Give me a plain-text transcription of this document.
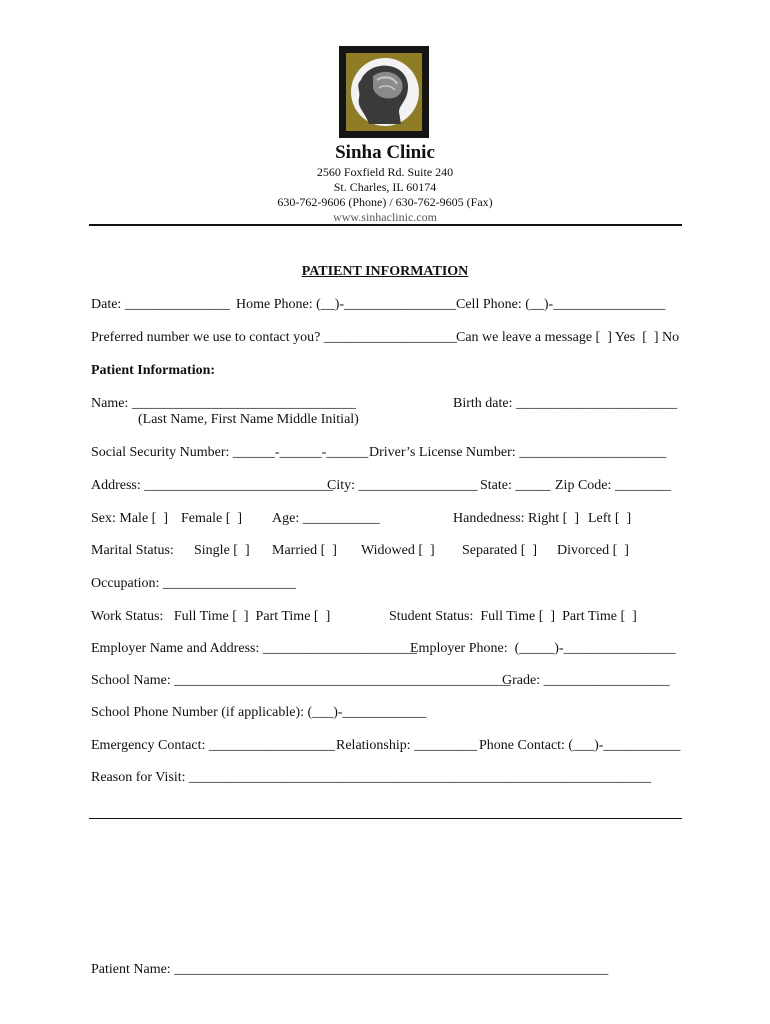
Sinha Clinic
2560 Foxfield Rd. Suite 240
St. Charles, IL 60174
630-762-9606 (Phone) / 630-762-9605 (Fax)
www.sinhaclinic.com
PATIENT INFORMATION
Date: _______________ Home Phone: (__)-________________ Cell Phone: (__)-________________
Preferred number we use to contact you? ___________________ Can we leave a message [  ] Yes  [  ] No
Patient Information:
Name: ________________________________
(Last Name, First Name Middle Initial)
Birth date: _______________________
Social Security Number: ______-______-______ Driver’s License Number: _____________________
Address: ___________________________
City: _________________ State: _____ Zip Code: ________
Sex: Male [  ] Female [  ] Age: ___________	Handedness: Right [  ] Left [  ]
Marital Status: Single [  ] Married [  ] Widowed [  ] Separated [  ] Divorced [  ]
Occupation: ___________________
Work Status:   Full Time [  ]  Part Time [  ]	Student Status:  Full Time [  ]  Part Time [  ]
Employer Name and Address: ______________________
Employer Phone:  (_____)-________________
School Name: ________________________________________________
Grade: __________________
School Phone Number (if applicable): (___)-____________
Emergency Contact: __________________ Relationship: _________ Phone Contact: (___)-___________
Reason for Visit: __________________________________________________________________
Patient Name: ______________________________________________________________
